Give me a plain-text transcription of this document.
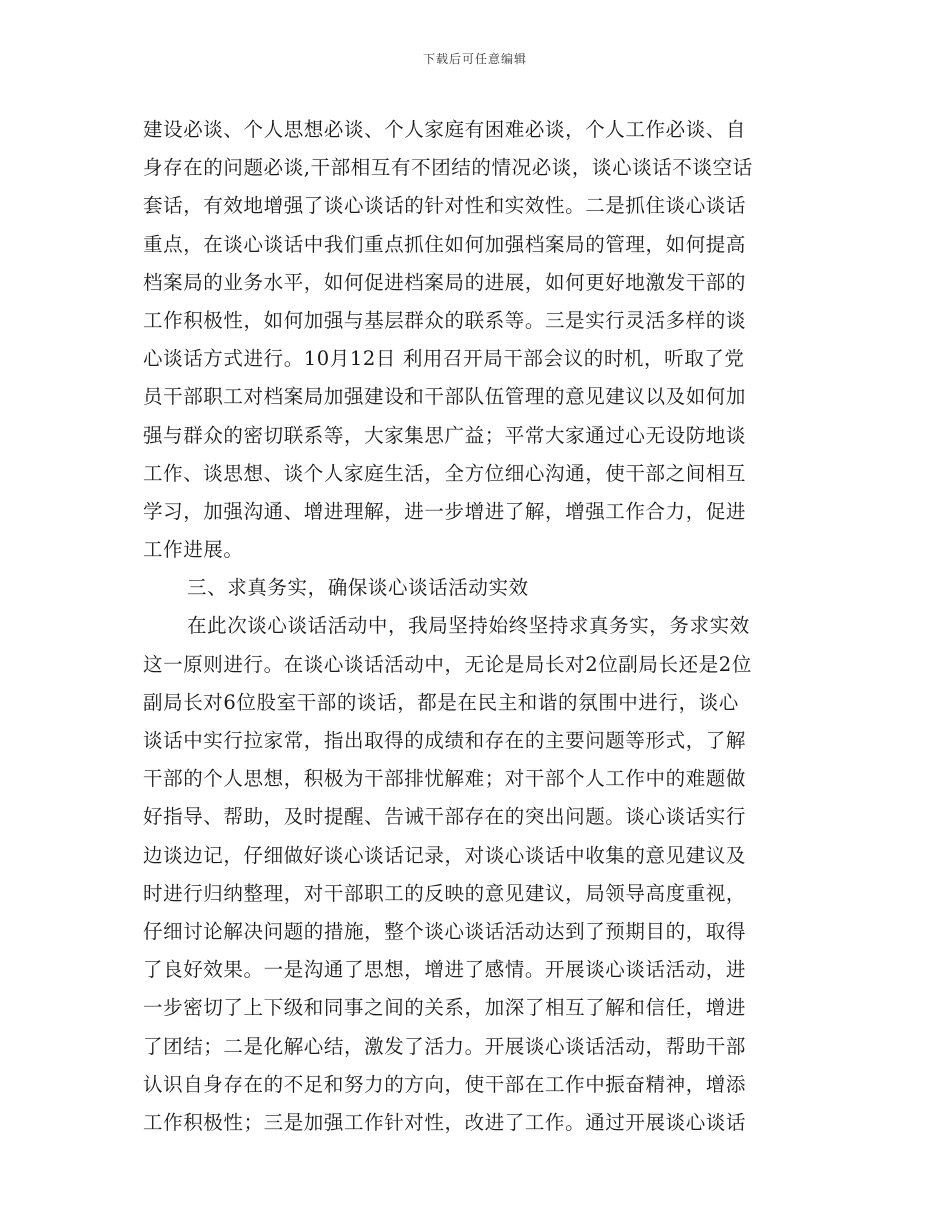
下载后可任意编辑
建设必谈、个人思想必谈、个人家庭有困难必谈，个人工作必谈、自
身存在的问题必谈,干部相互有不团结的情况必谈，谈心谈话不谈空话
套话，有效地增强了谈心谈话的针对性和实效性。二是抓住谈心谈话
重点，在谈心谈话中我们重点抓住如何加强档案局的管理，如何提高
档案局的业务水平，如何促进档案局的进展，如何更好地激发干部的
工作积极性，如何加强与基层群众的联系等。三是实行灵活多样的谈
心谈话方式进行。10月12日 利用召开局干部会议的时机，听取了党
员干部职工对档案局加强建设和干部队伍管理的意见建议以及如何加
强与群众的密切联系等，大家集思广益；平常大家通过心无设防地谈
工作、谈思想、谈个人家庭生活，全方位细心沟通，使干部之间相互
学习，加强沟通、增进理解，进一步增进了解，增强工作合力，促进
工作进展。
三、求真务实，确保谈心谈话活动实效
在此次谈心谈话活动中，我局坚持始终坚持求真务实，务求实效
这一原则进行。在谈心谈话活动中，无论是局长对2位副局长还是2位
副局长对6位股室干部的谈话，都是在民主和谐的氛围中进行，谈心
谈话中实行拉家常，指出取得的成绩和存在的主要问题等形式，了解
干部的个人思想，积极为干部排忧解难；对干部个人工作中的难题做
好指导、帮助，及时提醒、告诫干部存在的突出问题。谈心谈话实行
边谈边记，仔细做好谈心谈话记录，对谈心谈话中收集的意见建议及
时进行归纳整理，对干部职工的反映的意见建议，局领导高度重视，
仔细讨论解决问题的措施，整个谈心谈话活动达到了预期目的，取得
了良好效果。一是沟通了思想，增进了感情。开展谈心谈话活动，进
一步密切了上下级和同事之间的关系，加深了相互了解和信任，增进
了团结；二是化解心结，激发了活力。开展谈心谈话活动，帮助干部
认识自身存在的不足和努力的方向，使干部在工作中振奋精神，增添
工作积极性；三是加强工作针对性，改进了工作。通过开展谈心谈话
